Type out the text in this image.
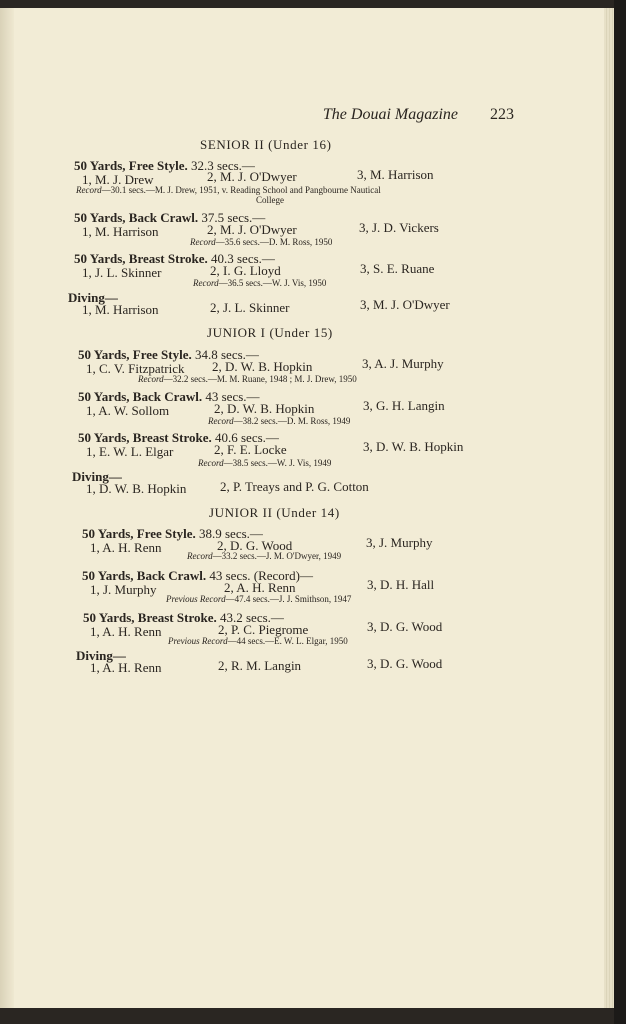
The Douai Magazine 223
SENIOR II (Under 16)
50 Yards, Free Style. 32.3 secs.—
1, M. J. Drew	2, M. J. O'Dwyer	3, M. Harrison
Record—30.1 secs.—M. J. Drew, 1951, v. Reading School and Pangbourne Nautical
College
50 Yards, Back Crawl. 37.5 secs.—
1, M. Harrison	2, M. J. O'Dwyer	3, J. D. Vickers
Record—35.6 secs.—D. M. Ross, 1950
50 Yards, Breast Stroke. 40.3 secs.—
1, J. L. Skinner	2, I. G. Lloyd	3, S. E. Ruane
Record—36.5 secs.—W. J. Vis, 1950
Diving—
1, M. Harrison	2, J. L. Skinner	3, M. J. O'Dwyer
JUNIOR I (Under 15)
50 Yards, Free Style. 34.8 secs.—
1, C. V. Fitzpatrick 2, D. W. B. Hopkin	3, A. J. Murphy
Record—32.2 secs.—M. M. Ruane, 1948 ; M. J. Drew, 1950
50 Yards, Back Crawl. 43 secs.—
1, A. W. Sollom	2, D. W. B. Hopkin	3, G. H. Langin
Record—38.2 secs.—D. M. Ross, 1949
50 Yards, Breast Stroke. 40.6 secs.—
1, E. W. L. Elgar	2, F. E. Locke	3, D. W. B. Hopkin
Record—38.5 secs.—W. J. Vis, 1949
Diving—
1, D. W. B. Hopkin	2, P. Treays and P. G. Cotton
JUNIOR II (Under 14)
50 Yards, Free Style. 38.9 secs.—
1, A. H. Renn	2, D. G. Wood	3, J. Murphy
Record—33.2 secs.—J. M. O'Dwyer, 1949
50 Yards, Back Crawl. 43 secs. (Record)—
1, J. Murphy	2, A. H. Renn	3, D. H. Hall
Previous Record—47.4 secs.—J. J. Smithson, 1947
50 Yards, Breast Stroke. 43.2 secs.—
1, A. H. Renn	2, P. C. Piegrome	3, D. G. Wood
Previous Record—44 secs.—E. W. L. Elgar, 1950
Diving—
1, A. H. Renn	2, R. M. Langin	3, D. G. Wood
